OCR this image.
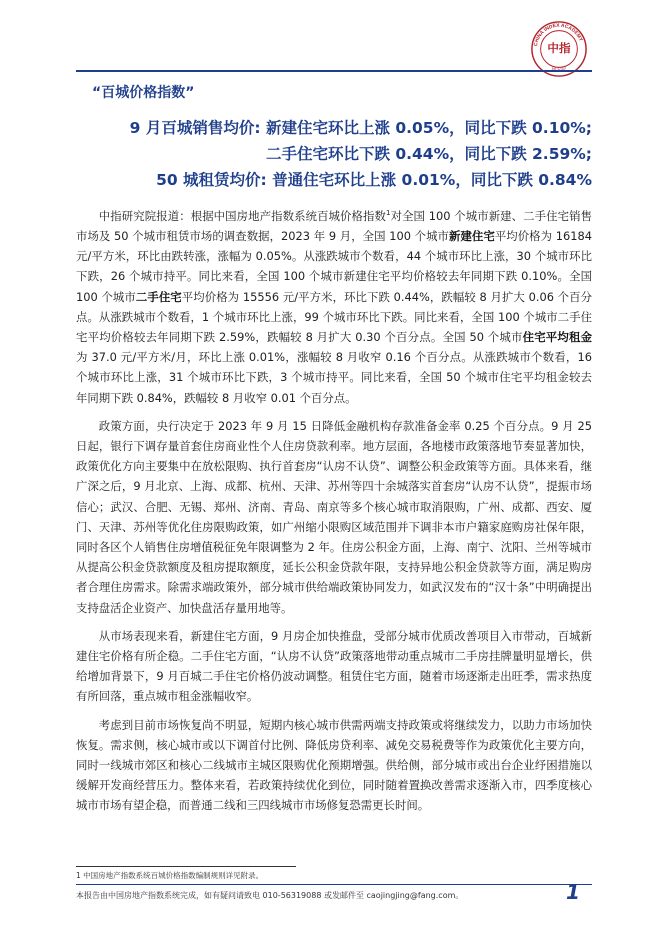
CHINA INDEX ACADEMY
中指
“百城价格指数”
9 月百城销售均价: 新建住宅环比上涨 0.05%，同比下跌 0.10%;
二手住宅环比下跌 0.44%，同比下跌 2.59%;
50 城租赁均价: 普通住宅环比上涨 0.01%，同比下跌 0.84%

中指研究院报道：根据中国房地产指数系统百城价格指数$^1$对全国 100 个城市新建、二手住宅销售市场及 50 个城市租赁市场的调查数据，2023 年 9 月，全国 100 个城市新建住宅平均价格为 16184 元/平方米，环比由跌转涨，涨幅为 0.05%。从涨跌城市个数看，44 个城市环比上涨，30 个城市环比下跌，26 个城市持平。同比来看，全国 100 个城市新建住宅平均价格较去年同期下跌 0.10%。全国 100 个城市二手住宅平均价格为 15556 元/平方米，环比下跌 0.44%，跌幅较 8 月扩大 0.06 个百分点。从涨跌城市个数看，1 个城市环比上涨，99 个城市环比下跌。同比来看，全国 100 个城市二手住宅平均价格较去年同期下跌 2.59%，跌幅较 8 月扩大 0.30 个百分点。全国 50 个城市住宅平均租金为 37.0 元/平方米/月，环比上涨 0.01%，涨幅较 8 月收窄 0.16 个百分点。从涨跌城市个数看，16 个城市环比上涨，31 个城市环比下跌，3 个城市持平。同比来看，全国 50 个城市住宅平均租金较去年同期下跌 0.84%，跌幅较 8 月收窄 0.01 个百分点。

政策方面，央行决定于 2023 年 9 月 15 日降低金融机构存款准备金率 0.25 个百分点。9 月 25 日起，银行下调存量首套住房商业性个人住房贷款利率。地方层面，各地楼市政策落地节奏显著加快，政策优化方向主要集中在放松限购、执行首套房“认房不认贷”、调整公积金政策等方面。具体来看，继广深之后，9 月北京、上海、成都、杭州、天津、苏州等四十余城落实首套房“认房不认贷”，提振市场信心；武汉、合肥、无锡、郑州、济南、青岛、南京等多个核心城市取消限购，广州、成都、西安、厦门、天津、苏州等优化住房限购政策，如广州缩小限购区域范围并下调非本市户籍家庭购房社保年限，同时各区个人销售住房增值税征免年限调整为 2 年。住房公积金方面，上海、南宁、沈阳、兰州等城市从提高公积金贷款额度及租房提取额度，延长公积金贷款年限，支持异地公积金贷款等方面，满足购房者合理住房需求。除需求端政策外，部分城市供给端政策协同发力，如武汉发布的“汉十条”中明确提出支持盘活企业资产、加快盘活存量用地等。

从市场表现来看，新建住宅方面，9 月房企加快推盘，受部分城市优质改善项目入市带动，百城新建住宅价格有所企稳。二手住宅方面，“认房不认贷”政策落地带动重点城市二手房挂牌量明显增长，供给增加背景下，9 月百城二手住宅价格仍波动调整。租赁住宅方面，随着市场逐渐走出旺季，需求热度有所回落，重点城市租金涨幅收窄。

考虑到目前市场恢复尚不明显，短期内核心城市供需两端支持政策或将继续发力，以助力市场加快恢复。需求侧，核心城市或以下调首付比例、降低房贷利率、减免交易税费等作为政策优化主要方向，同时一线城市郊区和核心二线城市主城区限购优化预期增强。供给侧，部分城市或出台企业纾困措施以缓解开发商经营压力。整体来看，若政策持续优化到位，同时随着置换改善需求逐渐入市，四季度核心城市市场有望企稳，而普通二线和三四线城市市场修复恐需更长时间。

1 中国房地产指数系统百城价格指数编制规则详见附录。
本报告由中国房地产指数系统完成，如有疑问请致电 010-56319088 或发邮件至 caojingjing@fang.com。	1
